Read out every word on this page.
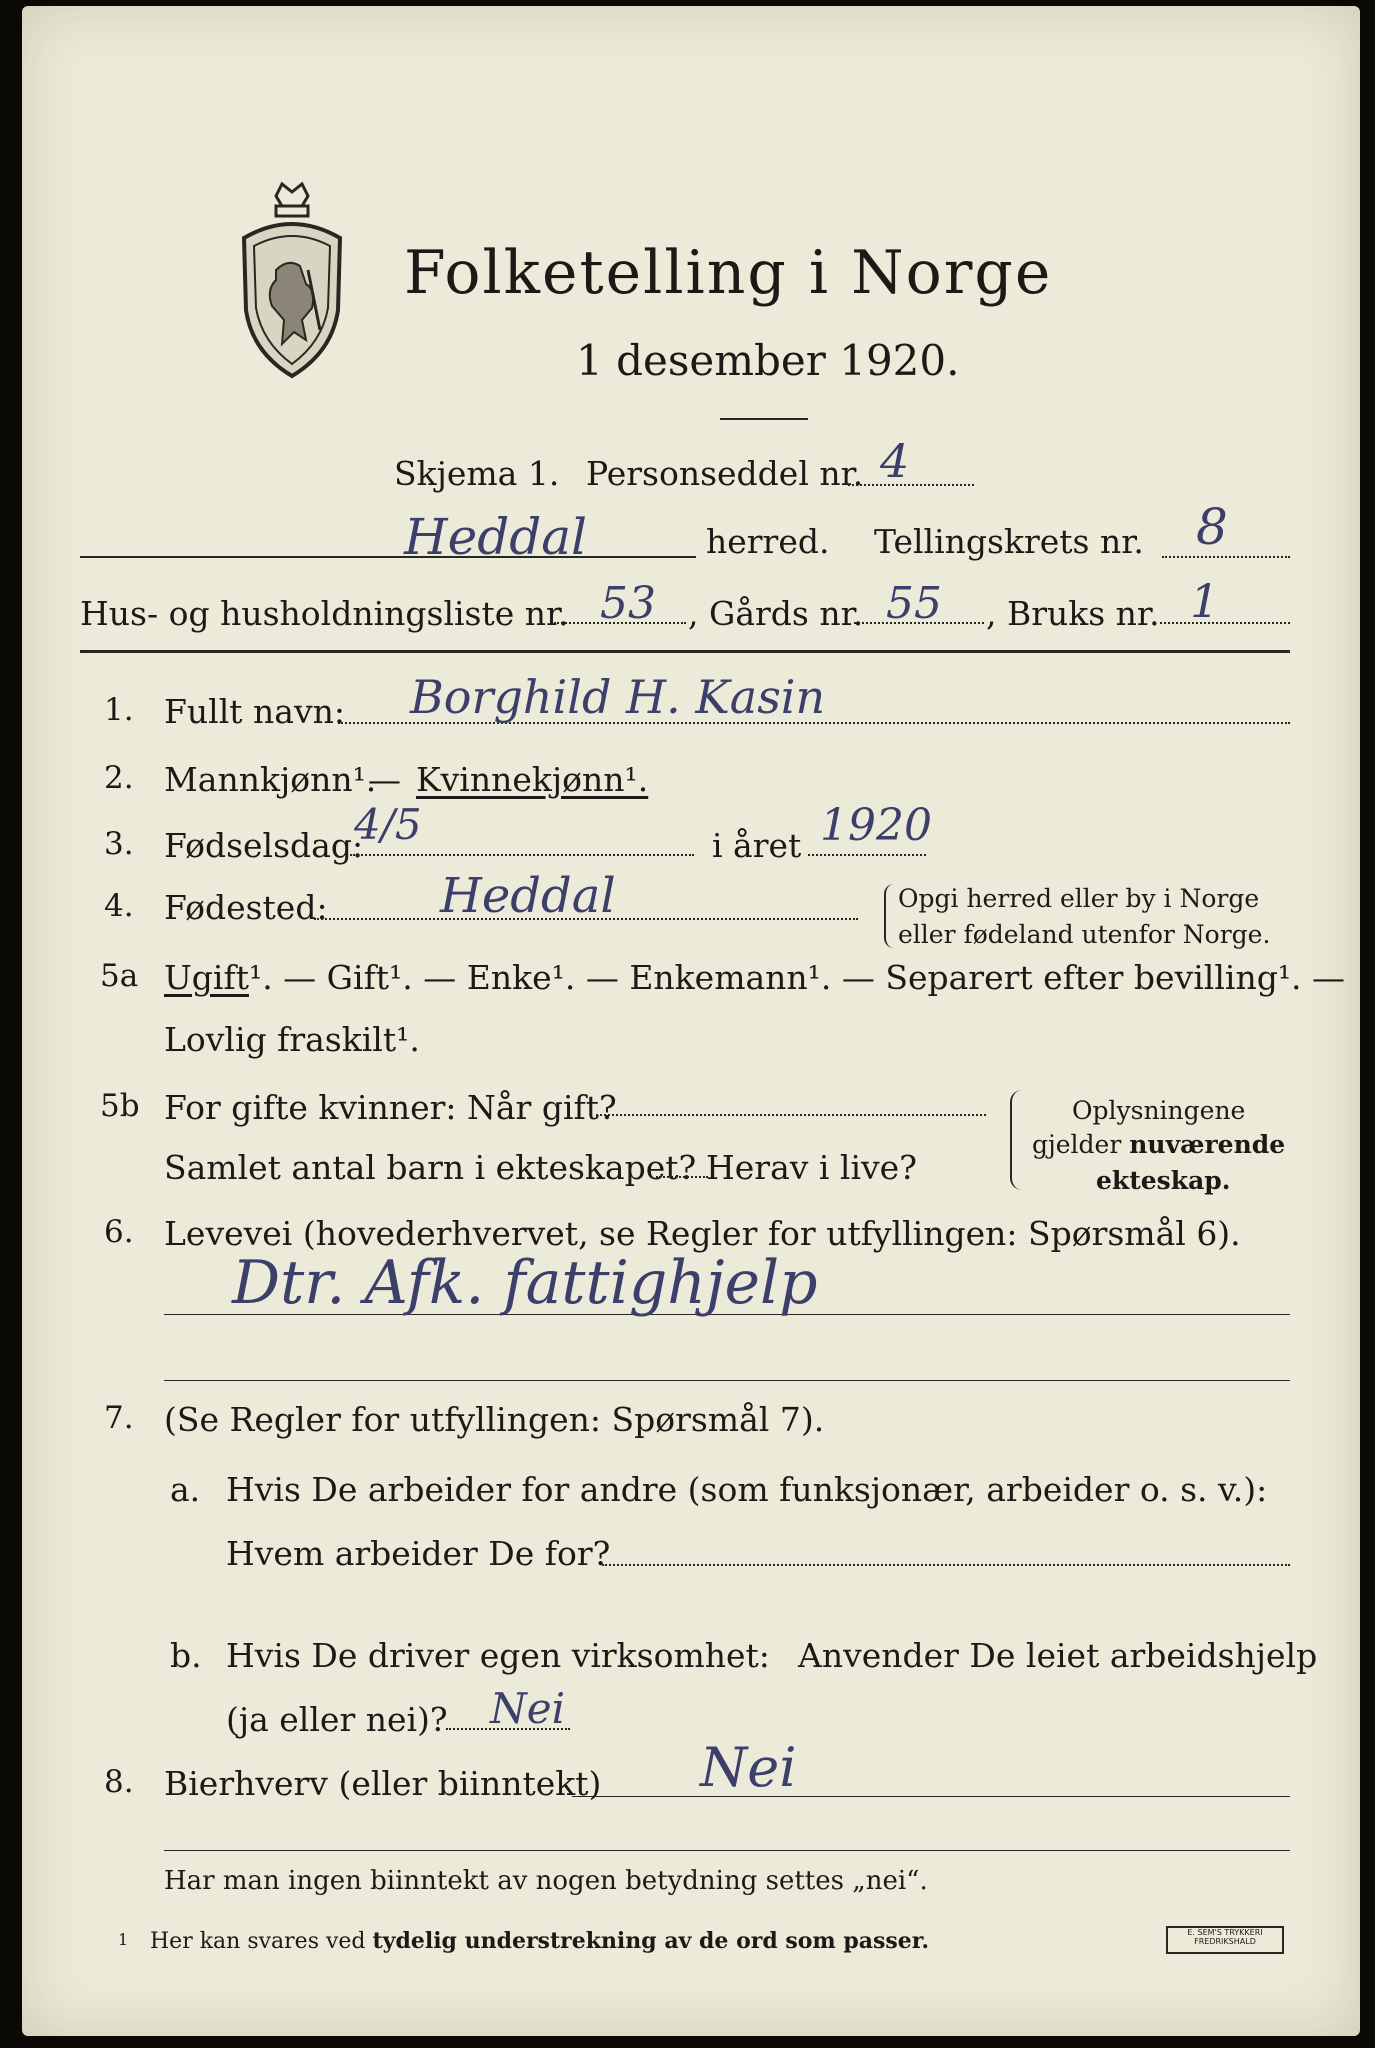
Folketelling i Norge
1 desember 1920.
Skjema 1. Personseddel nr. 4
Heddal	herred. Tellingskrets nr. 8
Hus- og husholdningsliste nr. 53 , Gårds nr. 55 , Bruks nr. 1
1. Fullt navn: Borghild H. Kasin
2. Mannkjønn¹.
— Kvinnekjønn¹.
3. Fødselsdag:
4/5	i året 1920
4. Fødested: Heddal	Opgi herred eller by i Norge
eller fødeland utenfor Norge.
5a Ugift¹. — Gift¹. — Enke¹. — Enkemann¹. — Separert efter bevilling¹. —
Lovlig fraskilt¹.
5b For gifte kvinner: Når gift?
Samlet antal barn i ekteskapet? Herav i live?
Oplysningene
gjelder nuværende
ekteskap.
6. Levevei (hovederhvervet, se Regler for utfyllingen: Spørsmål 6).
Dtr. Afk. fattighjelp
7. (Se Regler for utfyllingen: Spørsmål 7).
a. Hvis De arbeider for andre (som funksjonær, arbeider o. s. v.):
Hvem arbeider De for?
b. Hvis De driver egen virksomhet: Anvender De leiet arbeidshjelp
(ja eller nei)? Nei
8. Bierhverv (eller biinntekt) Nei
Har man ingen biinntekt av nogen betydning settes „nei“.
1 Her kan svares ved tydelig understrekning av de ord som passer.	E. SEM'S TRYKKERI
FREDRIKSHALD
